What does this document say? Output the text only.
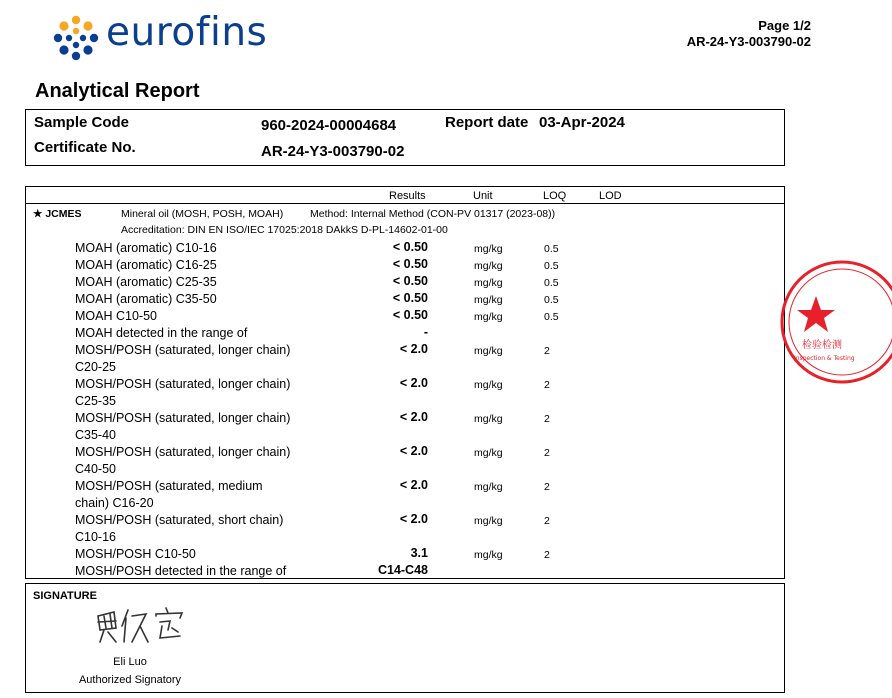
eurofins	Page 1/2
AR-24-Y3-003790-02
Analytical Report
Sample Code	960-2024-00004684	Report date 03-Apr-2024
Certificate No.	AR-24-Y3-003790-02
Results	Unit	LOQ	LOD
★ JCMES	Mineral oil (MOSH, POSH, MOAH)	Method: Internal Method (CON-PV 01317 (2023-08))
Accreditation: DIN EN ISO/IEC 17025:2018 DAkkS D-PL-14602-01-00
MOAH (aromatic) C10-16	< 0.50	mg/kg	0.5
MOAH (aromatic) C16-25	< 0.50	mg/kg	0.5
MOAH (aromatic) C25-35	< 0.50	mg/kg	0.5
MOAH (aromatic) C35-50	< 0.50	mg/kg	0.5
MOAH C10-50	< 0.50	mg/kg	0.5
MOAH detected in the range of	-
MOSH/POSH (saturated, longer chain)	< 2.0	mg/kg	2
C20-25
MOSH/POSH (saturated, longer chain)	< 2.0	mg/kg	2
C25-35
MOSH/POSH (saturated, longer chain)	< 2.0	mg/kg	2
C35-40
MOSH/POSH (saturated, longer chain)	< 2.0	mg/kg	2
C40-50
MOSH/POSH (saturated, medium	< 2.0	mg/kg	2
chain) C16-20
MOSH/POSH (saturated, short chain)	< 2.0	mg/kg	2
C10-16
MOSH/POSH C10-50	3.1	mg/kg	2
MOSH/POSH detected in the range of	C14-C48
SIGNATURE
Eli Luo
Authorized Signatory
检验检测
Inspection & Testing
